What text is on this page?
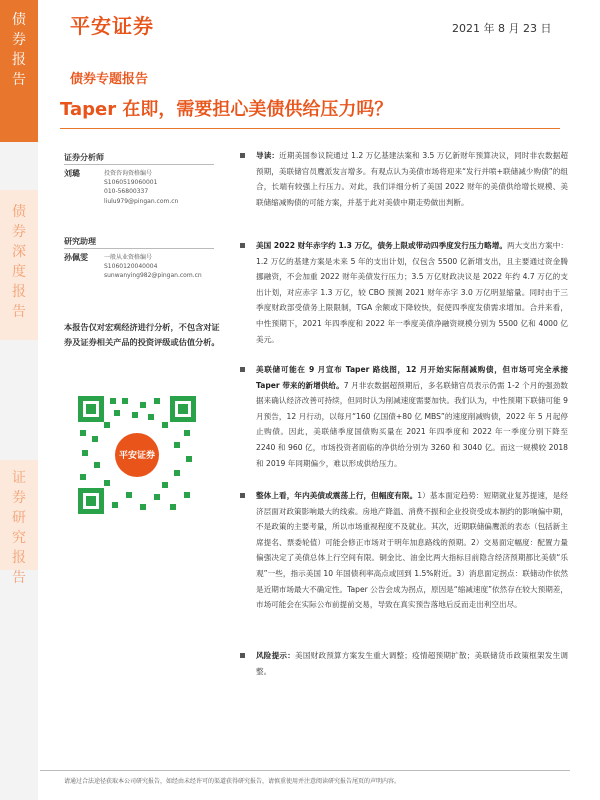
债
券
报
告
债
券
深
度
报
告
证
券
研
究
报
告
平安证券	2021 年 8 月 23 日
债券专题报告
Taper 在即，需要担心美债供给压力吗？
证券分析师
刘璐	投资咨询资格编号
S1060519060001
010-56800337
liulu979@pingan.com.cn
研究助理
孙佩雯	一般从业资格编号
S1060120040004
sunwanying982@pingan.com.cn
本报告仅对宏观经济进行分析，不包含对证券及证券相关产品的投资评级或估值分析。
平安证券
导读：近期美国参议院通过 1.2 万亿基建法案和 3.5 万亿新财年预算决议，同时非农数据超预期，美联储官员鹰派发言增多。有观点认为美债市场将迎来“发行并喷+联储减少购债”的组合，长端有较强上行压力。对此，我们详细分析了美国 2022 财年的美债供给增长规模、美联储缩减购债的可能方案，并基于此对美债中期走势做出判断。
美国 2022 财年赤字约 1.3 万亿，债务上限或带动四季度发行压力略增。两大支出方案中：1.2 万亿的基建方案是未来 5 年的支出计划，仅包含 5500 亿新增支出，且主要通过资金腾挪融资，不会加重 2022 财年美债发行压力；3.5 万亿财政决议是 2022 年约 4.7 万亿的支出计划，对应赤字 1.3 万亿，较 CBO 预测 2021 财年赤字 3.0 万亿明显缩量。同时由于三季度财政部受债务上限限制，TGA 余额或下降较快，促使四季度发债需求增加。合并来看，中性预期下，2021 年四季度和 2022 年一季度美债净融资规模分别为 5500 亿和 4000 亿美元。
美联储可能在 9 月宣布 Taper 路线图，12 月开始实际削减购债，但市场可完全承接 Taper 带来的新增供给。7 月非农数据超预期后，多名联储官员表示仍需 1-2 个月的强劲数据来确认经济改善可持续，但同时认为削减速度需要加快。我们认为，中性预期下联储可能 9 月预告，12 月行动，以每月“160 亿国债+80 亿 MBS”的速度削减购债，2022 年 5 月起停止购债。因此，美联储季度国债购买量在 2021 年四季度和 2022 年一季度分别下降至 2240 和 960 亿，市场投资者面临的净供给分别为 3260 和 3040 亿。而这一规模较 2018 和 2019 年同期偏少，难以形成供给压力。
整体上看，年内美债或震荡上行，但幅度有限。1）基本面定趋势：短期就业复苏提速，是经济层面对政策影响最大的线索。房地产降温、消费不振和企业投资受成本制约的影响偏中期，不是政策的主要考量，所以市场重视程度不及就业。其次，近期联储偏鹰派的表态（包括新主席提名、票委轮值）可能会修正市场对于明年加息路线的预期。2）交易面定幅度：配置力量偏强决定了美债总体上行空间有限。铜金比、油金比两大指标目前隐含经济预期都比美债“乐观”一些，指示美国 10 年国债利率高点或回到 1.5%附近。3）消息面定拐点：联储动作依然是近期市场最大不确定性。Taper 公告会成为拐点，原因是“缩减速度”依然存在较大预期差，市场可能会在实际公布前提前交易，导致在真实预告落地后反而走出利空出尽。
风险提示：美国财政预算方案发生重大调整；疫情超预期扩散；美联储货币政策框架发生调整。
请通过合法途径获取本公司研究报告，如经由未经许可的渠道获得研究报告，请慎重使用并注意阅读研究报告尾页的声明内容。
